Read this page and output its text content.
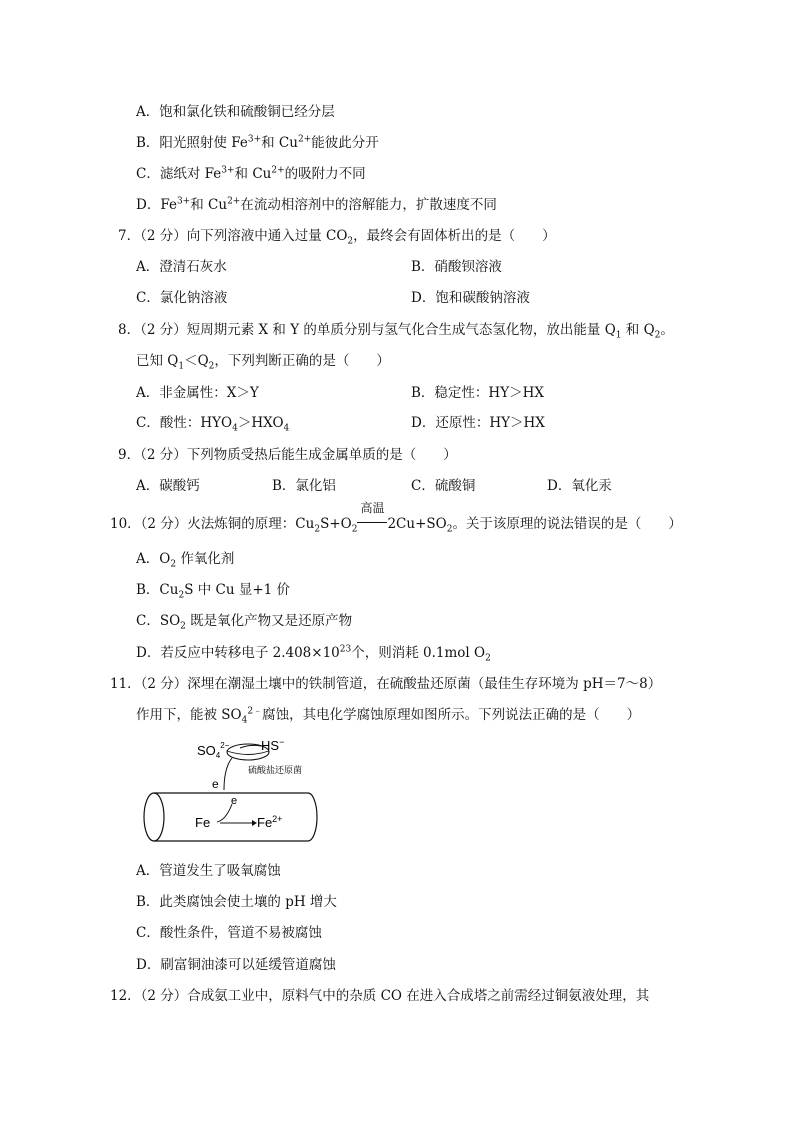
A．饱和氯化铁和硫酸铜已经分层
B．阳光照射使 $Fe^{3+}$和 $Cu^{2+}$能彼此分开
C．滤纸对 $Fe^{3+}$和 $Cu^{2+}$的吸附力不同
D．$Fe^{3+}$和 $Cu^{2+}$在流动相溶剂中的溶解能力，扩散速度不同
7．（2 分）向下列溶液中通入过量 $CO_2$，最终会有固体析出的是（　　）
A．澄清石灰水	B．硝酸钡溶液
C．氯化钠溶液	D．饱和碳酸钠溶液
8．（2 分）短周期元素 X 和 Y 的单质分别与氢气化合生成气态氢化物，放出能量 $Q_1$ 和 $Q_2$。
已知 $Q_1<Q_2$，下列判断正确的是（　　）
A．非金属性：X＞Y	B．稳定性：HY＞HX
C．酸性：$HYO_4>HXO_4$	D．还原性：HY＞HX
9．（2 分）下列物质受热后能生成金属单质的是（　　）
A．碳酸钙	B．氯化铝	C．硫酸铜	D．氧化汞
10．（2 分）火法炼铜的原理：$Cu_2S+O_2$
高温
$2Cu+SO_2$。关于该原理的说法错误的是（　　）
A．$O_2$ 作氧化剂
B．$Cu_2S$ 中 Cu 显+1 价
C．$SO_2$ 既是氧化产物又是还原产物
D．若反应中转移电子 $2.408\times 10^{23}$个，则消耗 0.1mol $O_2$
11．（2 分）深埋在潮湿土壤中的铁制管道，在硫酸盐还原菌（最佳生存环境为 pH＝7～8）
作用下，能被 $SO_4^{2﹣}$腐蚀，其电化学腐蚀原理如图所示。下列说法正确的是（　　）
$SO_4^{2-}$ HS−
硫酸盐还原菌
e
e
Fe	$Fe^{2+}$
A．管道发生了吸氧腐蚀
B．此类腐蚀会使土壤的 pH 增大
C．酸性条件，管道不易被腐蚀
D．刷富铜油漆可以延缓管道腐蚀
12．（2 分）合成氨工业中，原料气中的杂质 CO 在进入合成塔之前需经过铜氨液处理，其
